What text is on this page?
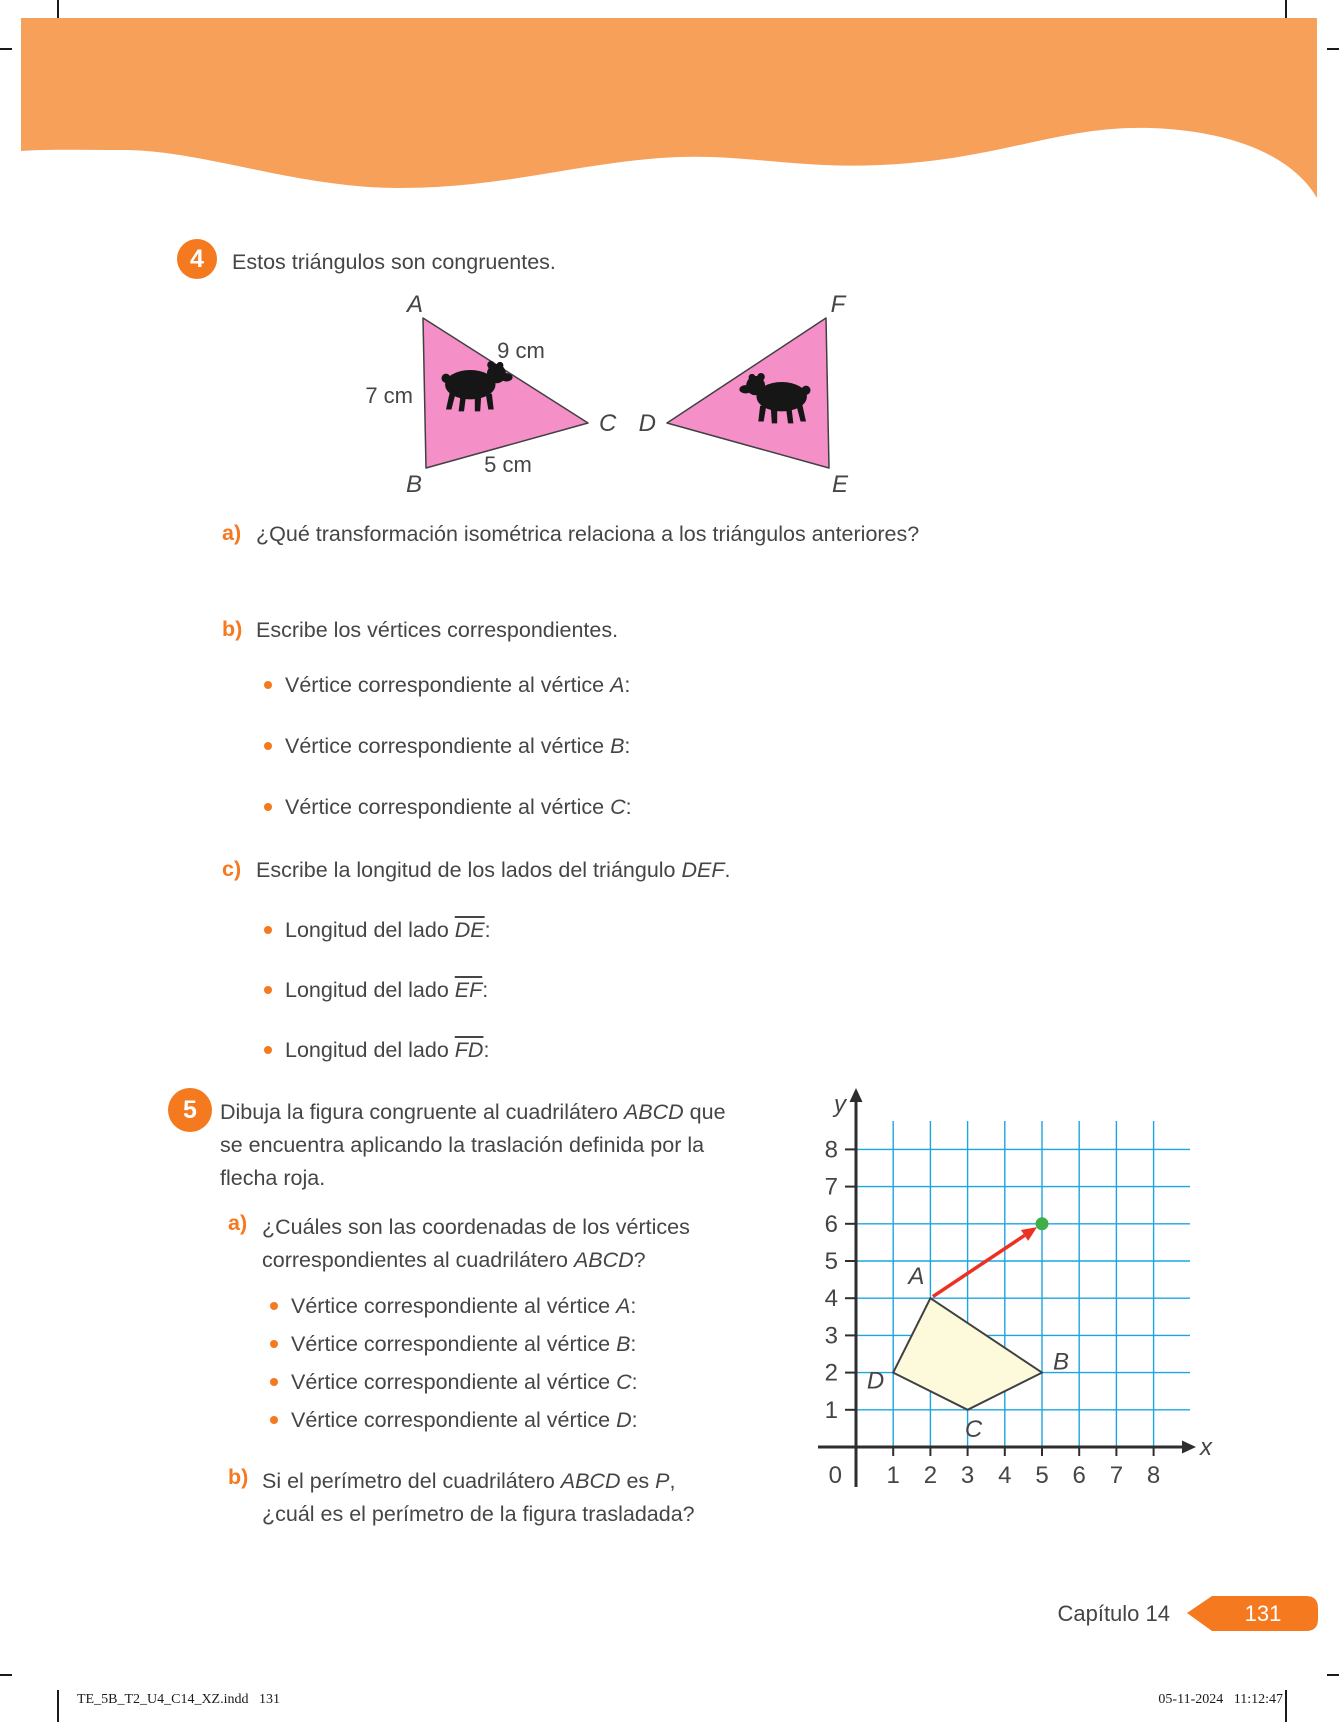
4 Estos triángulos son congruentes.
A
B
C D
E
F
9 cm
7 cm
5 cm
a) ¿Qué transformación isométrica relaciona a los triángulos anteriores?
b) Escribe los vértices correspondientes.
Vértice correspondiente al vértice A:
Vértice correspondiente al vértice B:
Vértice correspondiente al vértice C:
c) Escribe la longitud de los lados del triángulo DEF.
Longitud del lado $\overline{DE}$:
Longitud del lado $\overline{EF}$:
Longitud del lado $\overline{FD}$:
5 Dibuja la figura congruente al cuadrilátero ABCD que se encuentra aplicando la traslación definida por la flecha roja.
a) ¿Cuáles son las coordenadas de los vértices correspondientes al cuadrilátero ABCD?
Vértice correspondiente al vértice A:
Vértice correspondiente al vértice B:
Vértice correspondiente al vértice C:
Vértice correspondiente al vértice D:
b) Si el perímetro del cuadrilátero ABCD es P, ¿cuál es el perímetro de la figura trasladada?
1 2 3 4 5 6 7 8
1
2
3
4
5
6
7
8
0
x
y
A
B
C
D
Capítulo 14	131
TE_5B_T2_U4_C14_XZ.indd   131	05-11-2024   11:12:47
